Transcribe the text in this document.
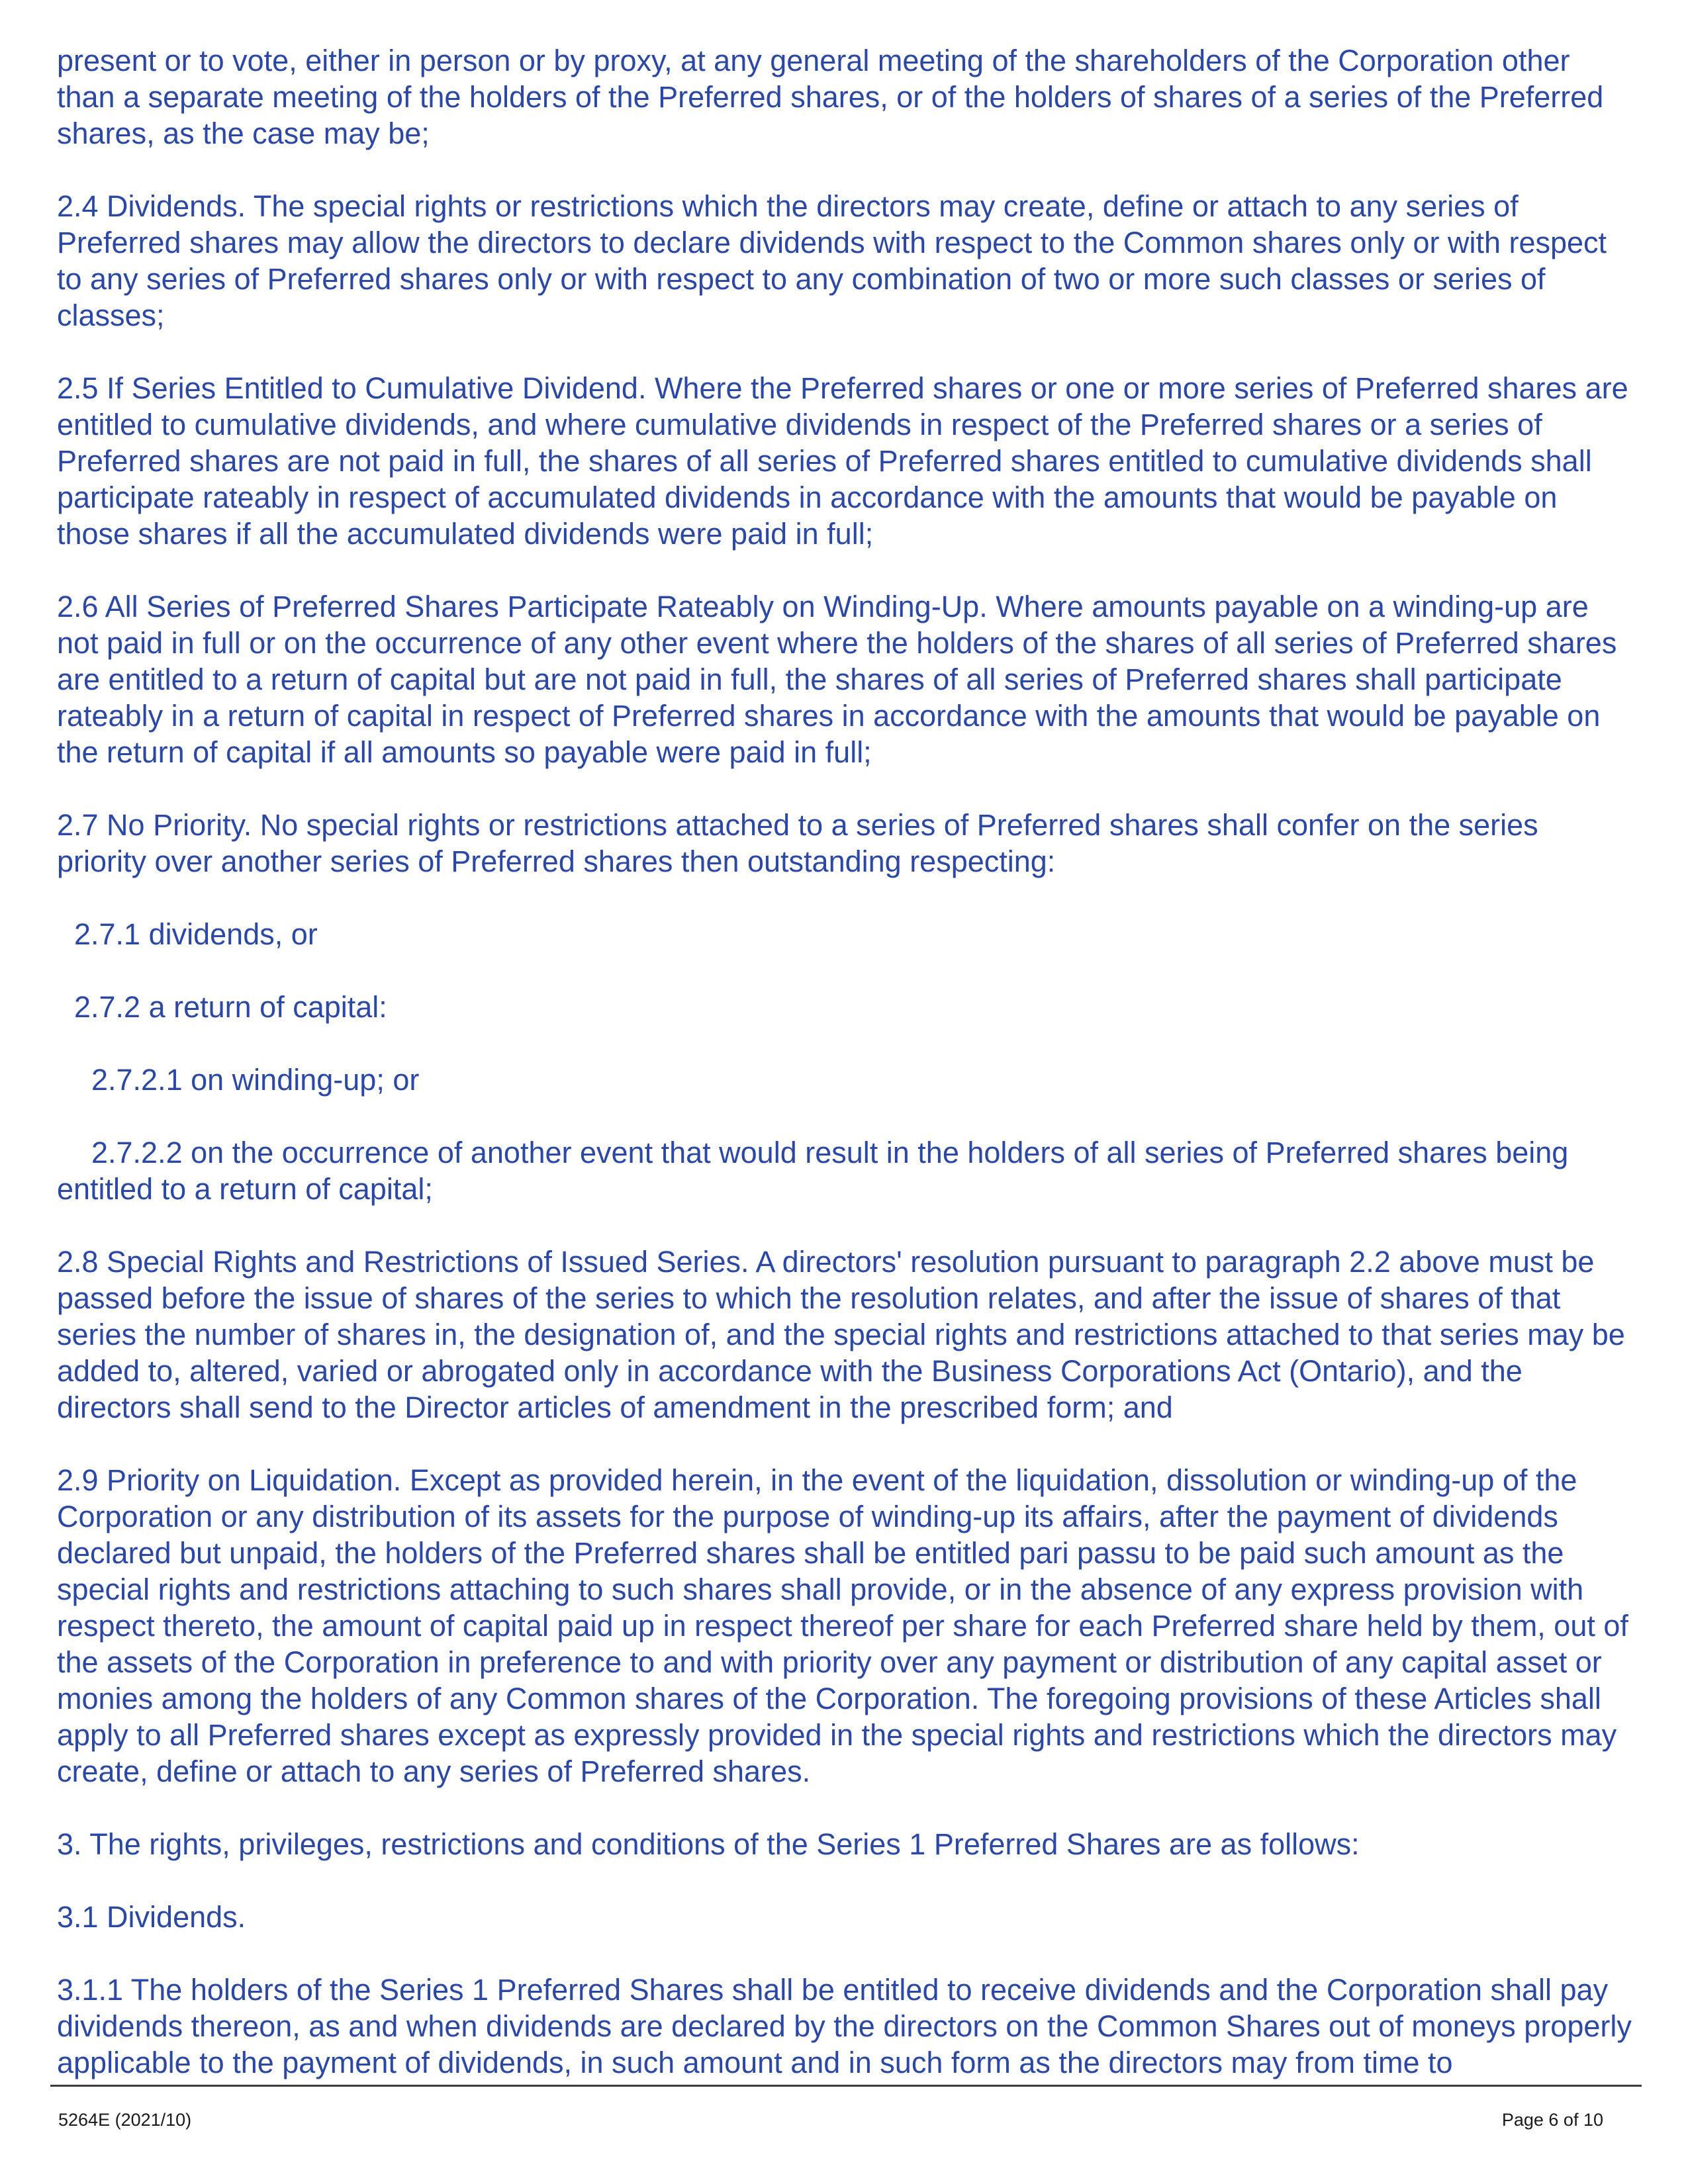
present or to vote, either in person or by proxy, at any general meeting of the shareholders of the Corporation other than a separate meeting of the holders of the Preferred shares, or of the holders of shares of a series of the Preferred shares, as the case may be;

2.4 Dividends. The special rights or restrictions which the directors may create, define or attach to any series of Preferred shares may allow the directors to declare dividends with respect to the Common shares only or with respect to any series of Preferred shares only or with respect to any combination of two or more such classes or series of classes;

2.5 If Series Entitled to Cumulative Dividend. Where the Preferred shares or one or more series of Preferred shares are entitled to cumulative dividends, and where cumulative dividends in respect of the Preferred shares or a series of Preferred shares are not paid in full, the shares of all series of Preferred shares entitled to cumulative dividends shall participate rateably in respect of accumulated dividends in accordance with the amounts that would be payable on those shares if all the accumulated dividends were paid in full;

2.6 All Series of Preferred Shares Participate Rateably on Winding-Up. Where amounts payable on a winding-up are not paid in full or on the occurrence of any other event where the holders of the shares of all series of Preferred shares are entitled to a return of capital but are not paid in full, the shares of all series of Preferred shares shall participate rateably in a return of capital in respect of Preferred shares in accordance with the amounts that would be payable on the return of capital if all amounts so payable were paid in full;

2.7 No Priority. No special rights or restrictions attached to a series of Preferred shares shall confer on the series priority over another series of Preferred shares then outstanding respecting:

2.7.1 dividends, or

2.7.2 a return of capital:

2.7.2.1 on winding-up; or

2.7.2.2 on the occurrence of another event that would result in the holders of all series of Preferred shares being entitled to a return of capital;

2.8 Special Rights and Restrictions of Issued Series. A directors' resolution pursuant to paragraph 2.2 above must be passed before the issue of shares of the series to which the resolution relates, and after the issue of shares of that series the number of shares in, the designation of, and the special rights and restrictions attached to that series may be added to, altered, varied or abrogated only in accordance with the Business Corporations Act (Ontario), and the directors shall send to the Director articles of amendment in the prescribed form; and

2.9 Priority on Liquidation. Except as provided herein, in the event of the liquidation, dissolution or winding-up of the Corporation or any distribution of its assets for the purpose of winding-up its affairs, after the payment of dividends declared but unpaid, the holders of the Preferred shares shall be entitled pari passu to be paid such amount as the special rights and restrictions attaching to such shares shall provide, or in the absence of any express provision with respect thereto, the amount of capital paid up in respect thereof per share for each Preferred share held by them, out of the assets of the Corporation in preference to and with priority over any payment or distribution of any capital asset or monies among the holders of any Common shares of the Corporation. The foregoing provisions of these Articles shall apply to all Preferred shares except as expressly provided in the special rights and restrictions which the directors may create, define or attach to any series of Preferred shares.

3. The rights, privileges, restrictions and conditions of the Series 1 Preferred Shares are as follows:

3.1 Dividends.

3.1.1 The holders of the Series 1 Preferred Shares shall be entitled to receive dividends and the Corporation shall pay dividends thereon, as and when dividends are declared by the directors on the Common Shares out of moneys properly applicable to the payment of dividends, in such amount and in such form as the directors may from time to

5264E (2021/10)	Page 6 of 10
